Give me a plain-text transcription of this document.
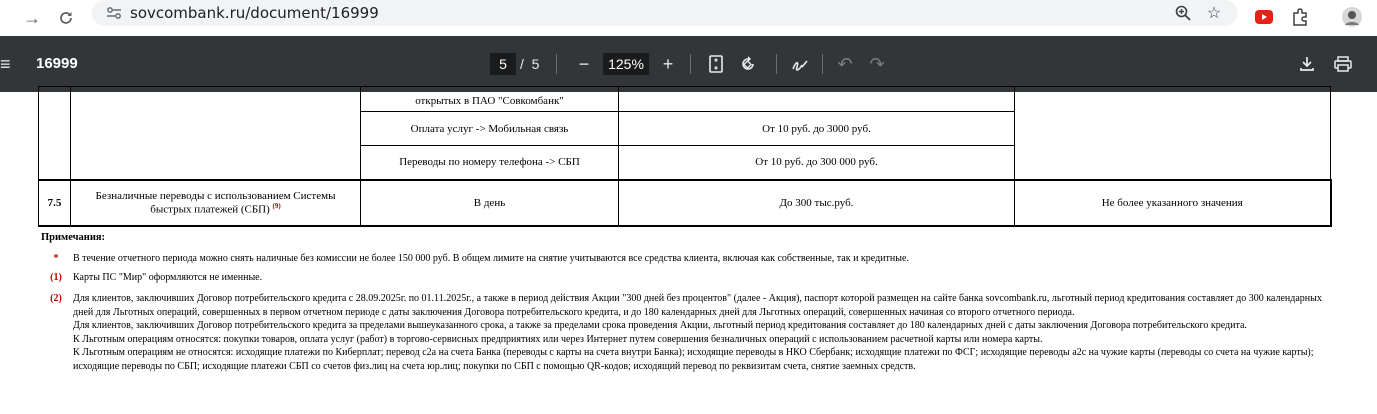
→	sovcombank.ru/document/16999	☆
≡ 16999	5 / 5	−	125%	+	↶ ↷
		открытых в ПАО "Совкомбанк"		
		Оплата услуг -> Мобильная связь	От 10 руб. до 3000 руб.	
		Переводы по номеру телефона -> СБП	От 10 руб. до 300 000 руб.	
7.5	Безналичные переводы с использованием Системы быстрых платежей (СБП) $^{(9)}$	В день	До 300 тыс.руб.	Не более указанного значения
Примечания:
*	В течение отчетного периода можно снять наличные без комиссии не более 150 000 руб. В общем лимите на снятие учитываются все средства клиента, включая как собственные, так и кредитные.
(1)	Карты ПС "Мир" оформляются не именные.
(2)	Для клиентов, заключивших Договор потребительского кредита с 28.09.2025г. по 01.11.2025г., а также в период действия Акции "300 дней без процентов" (далее - Акция), паспорт которой размещен на сайте банка sovcombank.ru, льготный период кредитования составляет до 300 календарных дней для Льготных операций, совершенных в первом отчетном периоде с даты заключения Договора потребительского кредита, и до 180 календарных дней для Льготных операций, совершенных начиная со второго отчетного периода.
Для клиентов, заключивших Договор потребительского кредита за пределами вышеуказанного срока, а также за пределами срока проведения Акции, льготный период кредитования составляет до 180 календарных дней с даты заключения Договора потребительского кредита.
К Льготным операциям относятся: покупки товаров, оплата услуг (работ) в торгово-сервисных предприятиях или через Интернет путем совершения безналичных операций с использованием расчетной карты или номера карты.
К Льготным операциям не относятся: исходящие платежи по Киберплат; перевод с2а на счета Банка (переводы с карты на счета внутри Банка); исходящие переводы в НКО Сбербанк; исходящие платежи по ФСГ; исходящие переводы а2с на чужие карты (переводы со счета на чужие карты); исходящие переводы по СБП; исходящие платежи СБП со счетов физ.лиц на счета юр.лиц; покупки по СБП с помощью QR-кодов; исходящий перевод по реквизитам счета, снятие заемных средств.
